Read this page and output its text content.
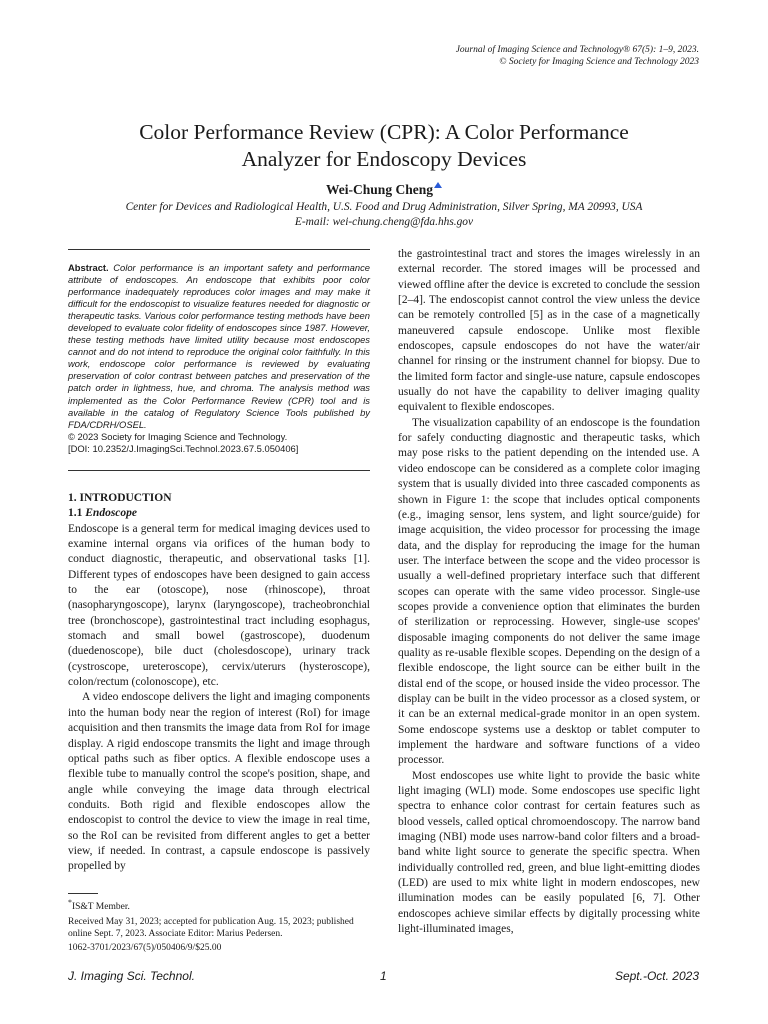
Journal of Imaging Science and Technology® 67(5): 1–9, 2023.
© Society for Imaging Science and Technology 2023
Color Performance Review (CPR): A Color Performance
Analyzer for Endoscopy Devices
Wei-Chung Cheng
Center for Devices and Radiological Health, U.S. Food and Drug Administration, Silver Spring, MA 20993, USA
E-mail: wei-chung.cheng@fda.hhs.gov
Abstract. Color performance is an important safety and performance attribute of endoscopes. An endoscope that exhibits poor color performance inadequately reproduces color images and may make it difficult for the endoscopist to visualize features needed for diagnostic or therapeutic tasks. Various color performance testing methods have been developed to evaluate color fidelity of endoscopes since 1987. However, these testing methods have limited utility because most endoscopes cannot and do not intend to reproduce the original color faithfully. In this work, endoscope color performance is reviewed by evaluating preservation of color contrast between patches and preservation of the patch order in lightness, hue, and chroma. The analysis method was implemented as the Color Performance Review (CPR) tool and is available in the catalog of Regulatory Science Tools published by FDA/CDRH/OSEL.
© 2023 Society for Imaging Science and Technology.
[DOI: 10.2352/J.ImagingSci.Technol.2023.67.5.050406]
1. INTRODUCTION
1.1 Endoscope

Endoscope is a general term for medical imaging devices used to examine internal organs via orifices of the human body to conduct diagnostic, therapeutic, and observational tasks [1]. Different types of endoscopes have been designed to gain access to the ear (otoscope), nose (rhinoscope), throat (nasopharyngoscope), larynx (laryngoscope), tracheobronchial tree (bronchoscope), gastrointestinal tract including esophagus, stomach and small bowel (gastroscope), duodenum (duedenoscope), bile duct (cholesdoscope), urinary track (cystroscope, ureteroscope), cervix/uterurs (hysteroscope), colon/rectum (colonoscope), etc.

A video endoscope delivers the light and imaging components into the human body near the region of interest (RoI) for image acquisition and then transmits the image data from RoI for image display. A rigid endoscope transmits the light and image through optical paths such as fiber optics. A flexible endoscope uses a flexible tube to manually control the scope's position, shape, and angle while conveying the image data through electrical conduits. Both rigid and flexible endoscopes allow the endoscopist to control the device to view the image in real time, so the RoI can be revisited from different angles to get a better view, if needed. In contrast, a capsule endoscope is passively propelled by

the gastrointestinal tract and stores the images wirelessly in an external recorder. The stored images will be processed and viewed offline after the device is excreted to conclude the session [2–4]. The endoscopist cannot control the view unless the device can be remotely controlled [5] as in the case of a magnetically maneuvered capsule endoscope. Unlike most flexible endoscopes, capsule endoscopes do not have the water/air channel for rinsing or the instrument channel for biopsy. Due to the limited form factor and single-use nature, capsule endoscopes usually do not have the capability to deliver imaging quality equivalent to flexible endoscopes.

The visualization capability of an endoscope is the foundation for safely conducting diagnostic and therapeutic tasks, which may pose risks to the patient depending on the intended use. A video endoscope can be considered as a complete color imaging system that is usually divided into three cascaded components as shown in Figure 1: the scope that includes optical components (e.g., imaging sensor, lens system, and light source/guide) for image acquisition, the video processor for processing the image data, and the display for reproducing the image for the human user. The interface between the scope and the video processor is usually a well-defined proprietary interface such that different scopes can operate with the same video processor. Single-use scopes provide a convenience option that eliminates the burden of sterilization or reprocessing. However, single-use scopes' disposable imaging components do not deliver the same image quality as re-usable flexible scopes. Depending on the design of a flexible endoscope, the light source can be either built in the distal end of the scope, or housed inside the video processor. The display can be built in the video processor as a closed system, or it can be an external medical-grade monitor in an open system. Some endoscope systems use a desktop or tablet computer to implement the hardware and software functions of a video processor.

Most endoscopes use white light to provide the basic white light imaging (WLI) mode. Some endoscopes use specific light spectra to enhance color contrast for certain features such as blood vessels, called optical chromoendoscopy. The narrow band imaging (NBI) mode uses narrow-band color filters and a broad-band white light source to generate the specific spectra. When individually controlled red, green, and blue light-emitting diodes (LED) are used to mix white light in modern endoscopes, new illumination modes can be easily populated [6, 7]. Other endoscopes achieve similar effects by digitally processing white light-illuminated images,

*IS&T Member.
Received May 31, 2023; accepted for publication Aug. 15, 2023; published online Sept. 7, 2023. Associate Editor: Marius Pedersen.
1062-3701/2023/67(5)/050406/9/$25.00
J. Imaging Sci. Technol.	1	Sept.-Oct. 2023
